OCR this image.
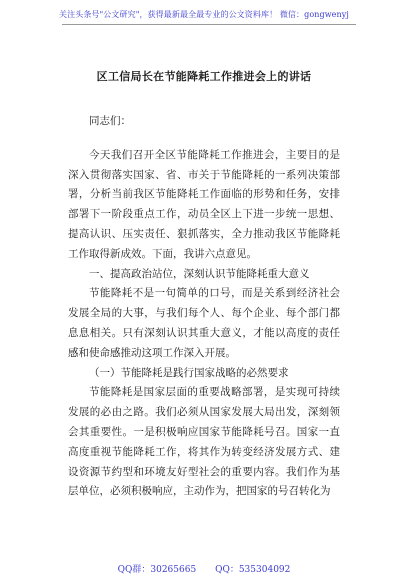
关注头条号"公文研究"，获得最新最全最专业的公文资料库！ 微信：gongwenyj
区工信局长在节能降耗工作推进会上的讲话

同志们：

今天我们召开全区节能降耗工作推进会，主要目的是深入贯彻落实国家、省、市关于节能降耗的一系列决策部署，分析当前我区节能降耗工作面临的形势和任务，安排部署下一阶段重点工作，动员全区上下进一步统一思想、提高认识、压实责任、狠抓落实，全力推动我区节能降耗工作取得新成效。下面，我讲六点意见。

一、提高政治站位，深刻认识节能降耗重大意义

节能降耗不是一句简单的口号，而是关系到经济社会发展全局的大事，与我们每个人、每个企业、每个部门都息息相关。只有深刻认识其重大意义，才能以高度的责任感和使命感推动这项工作深入开展。

（一）节能降耗是践行国家战略的必然要求

节能降耗是国家层面的重要战略部署，是实现可持续发展的必由之路。我们必须从国家发展大局出发，深刻领会其重要性。一是积极响应国家节能降耗号召。国家一直高度重视节能降耗工作，将其作为转变经济发展方式、建设资源节约型和环境友好型社会的重要内容。我们作为基层单位，必须积极响应，主动作为，把国家的号召转化为

QQ群：30265665 QQ：535304092
